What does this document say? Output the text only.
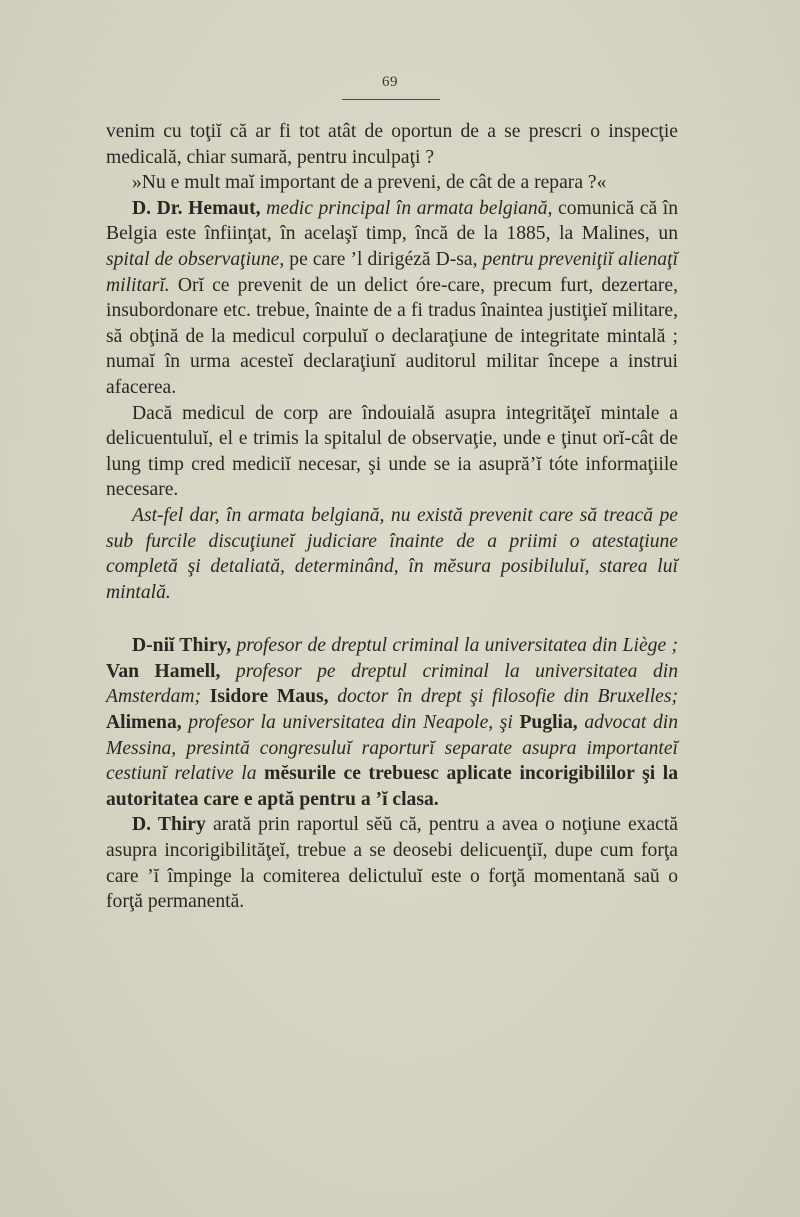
69

venim cu toţiĭ că ar fi tot atât de oportun de a se prescri o inspecţie medicală, chiar sumară, pentru inculpaţi ?

»Nu e mult maĭ important de a preveni, de cât de a repara ?«

D. Dr. Hemaut, medic principal în armata belgiană, comunică că în Belgia este înfiinţat, în acelaşĭ timp, încă de la 1885, la Malines, un spital de observaţiune, pe care ’l dirigéză D-sa, pentru preveniţiĭ alienaţĭ militarĭ. Orĭ ce prevenit de un delict óre-care, precum furt, dezertare, insubordonare etc. trebue, înainte de a fi tradus înaintea justiţieĭ militare, să obţină de la medicul corpuluĭ o declaraţiune de integritate mintală ; numaĭ în urma acesteĭ declaraţiunĭ auditorul militar începe a instrui afacerea.

Dacă medicul de corp are îndouială asupra integrităţeĭ mintale a delicuentuluĭ, el e trimis la spitalul de observaţie, unde e ţinut orĭ-cât de lung timp cred mediciĭ necesar, şi unde se ia asupră’ĭ tóte informaţiile necesare.

Ast-fel dar, în armata belgiană, nu există prevenit care să treacă pe sub furcile discuţiuneĭ judiciare înainte de a priimi o atestaţiune completă şi detaliată, determinând, în mĕsura posibiluluĭ, starea luĭ mintală.

D-niĭ Thiry, profesor de dreptul criminal la universitatea din Liège ; Van Hamell, profesor pe dreptul criminal la universitatea din Amsterdam; Isidore Maus, doctor în drept şi filosofie din Bruxelles; Alimena, profesor la universitatea din Neapole, şi Puglia, advocat din Messina, presintă congresuluĭ raporturĭ separate asupra importanteĭ cestiunĭ relative la mĕsurile ce trebuesc aplicate incorigibililor şi la autoritatea care e aptă pentru a ’ĭ clasa.

D. Thiry arată prin raportul sĕŭ că, pentru a avea o noţiune exactă asupra incorigibilităţeĭ, trebue a se deosebi delicuenţiĭ, dupe cum forţa care ’ĭ împinge la comiterea delictuluĭ este o forţă momentană saŭ o forţă permanentă.
